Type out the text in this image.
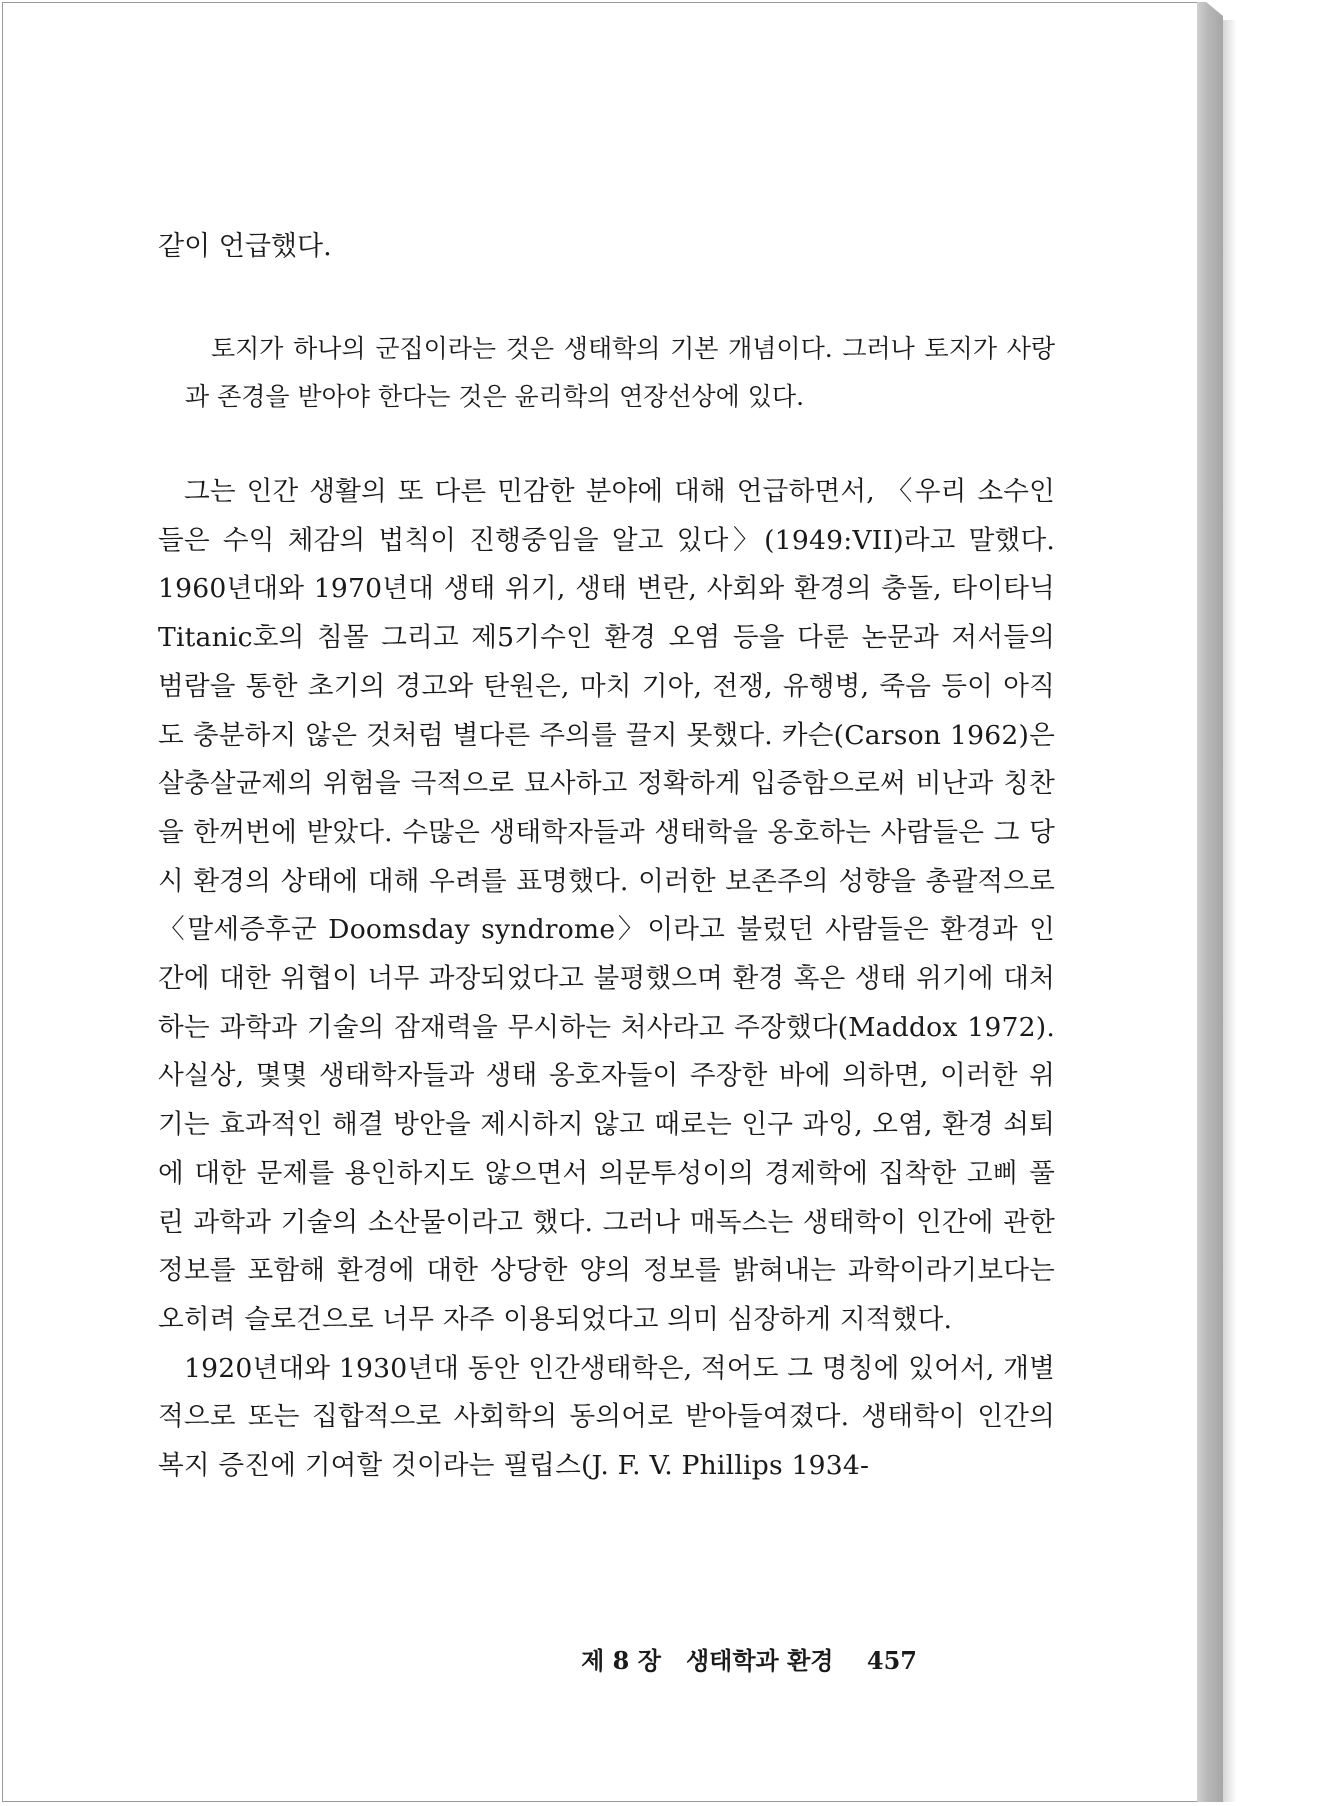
같이 언급했다.

토지가 하나의 군집이라는 것은 생태학의 기본 개념이다. 그러나 토지가 사랑과 존경을 받아야 한다는 것은 윤리학의 연장선상에 있다.

그는 인간 생활의 또 다른 민감한 분야에 대해 언급하면서, 〈우리 소수인들은 수익 체감의 법칙이 진행중임을 알고 있다〉(1949:VII)라고 말했다. 1960년대와 1970년대 생태 위기, 생태 변란, 사회와 환경의 충돌, 타이타닉 Titanic호의 침몰 그리고 제5기수인 환경 오염 등을 다룬 논문과 저서들의 범람을 통한 초기의 경고와 탄원은, 마치 기아, 전쟁, 유행병, 죽음 등이 아직도 충분하지 않은 것처럼 별다른 주의를 끌지 못했다. 카슨(Carson 1962)은 살충살균제의 위험을 극적으로 묘사하고 정확하게 입증함으로써 비난과 칭찬을 한꺼번에 받았다. 수많은 생태학자들과 생태학을 옹호하는 사람들은 그 당시 환경의 상태에 대해 우려를 표명했다. 이러한 보존주의 성향을 총괄적으로 〈말세증후군 Doomsday syndrome〉이라고 불렀던 사람들은 환경과 인간에 대한 위협이 너무 과장되었다고 불평했으며 환경 혹은 생태 위기에 대처하는 과학과 기술의 잠재력을 무시하는 처사라고 주장했다(Maddox 1972). 사실상, 몇몇 생태학자들과 생태 옹호자들이 주장한 바에 의하면, 이러한 위기는 효과적인 해결 방안을 제시하지 않고 때로는 인구 과잉, 오염, 환경 쇠퇴에 대한 문제를 용인하지도 않으면서 의문투성이의 경제학에 집착한 고삐 풀린 과학과 기술의 소산물이라고 했다. 그러나 매독스는 생태학이 인간에 관한 정보를 포함해 환경에 대한 상당한 양의 정보를 밝혀내는 과학이라기보다는 오히려 슬로건으로 너무 자주 이용되었다고 의미 심장하게 지적했다.

1920년대와 1930년대 동안 인간생태학은, 적어도 그 명칭에 있어서, 개별적으로 또는 집합적으로 사회학의 동의어로 받아들여졌다. 생태학이 인간의 복지 증진에 기여할 것이라는 필립스(J. F. V. Phillips 1934-

제 8 장 생태학과 환경 457
